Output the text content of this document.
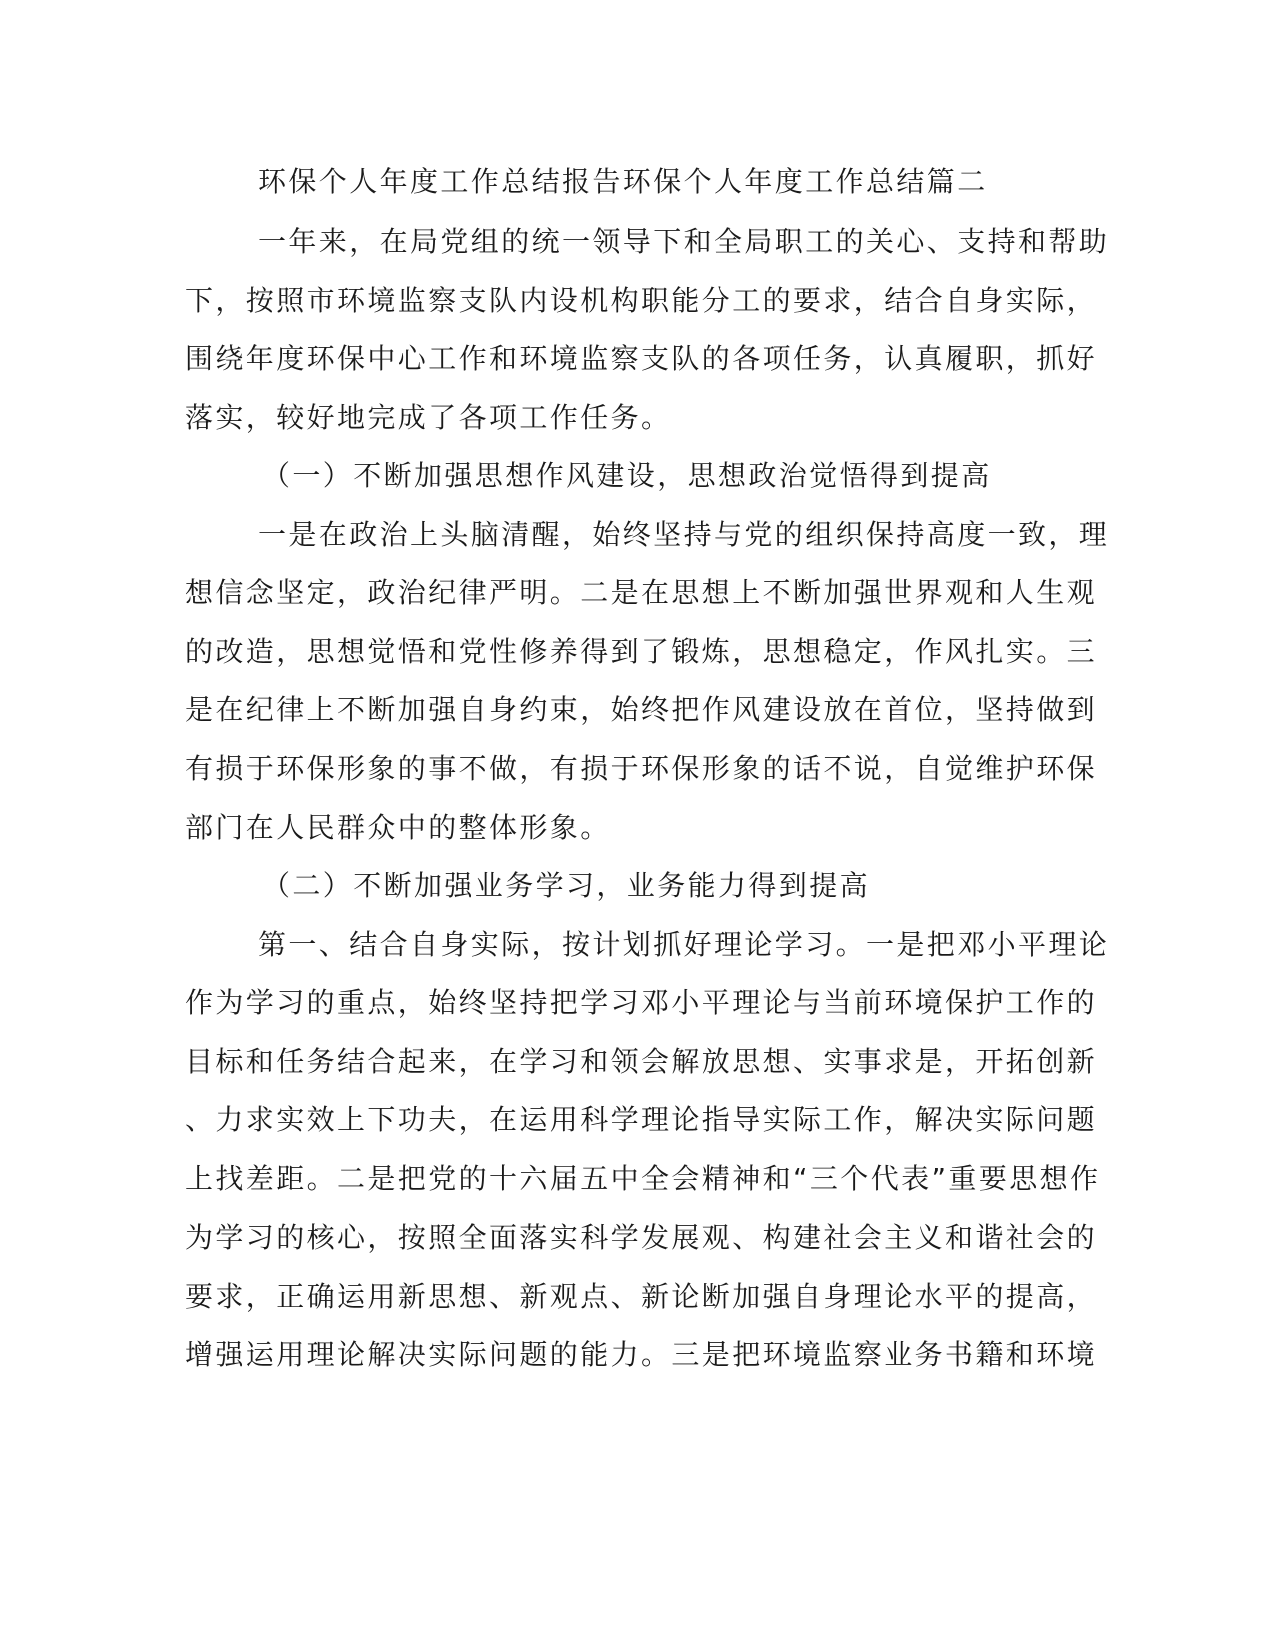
环保个人年度工作总结报告环保个人年度工作总结篇二
一年来，在局党组的统一领导下和全局职工的关心、支持和帮助
下，按照市环境监察支队内设机构职能分工的要求，结合自身实际，
围绕年度环保中心工作和环境监察支队的各项任务，认真履职，抓好
落实，较好地完成了各项工作任务。
（一）不断加强思想作风建设，思想政治觉悟得到提高
一是在政治上头脑清醒，始终坚持与党的组织保持高度一致，理
想信念坚定，政治纪律严明。二是在思想上不断加强世界观和人生观
的改造，思想觉悟和党性修养得到了锻炼，思想稳定，作风扎实。三
是在纪律上不断加强自身约束，始终把作风建设放在首位，坚持做到
有损于环保形象的事不做，有损于环保形象的话不说，自觉维护环保
部门在人民群众中的整体形象。
（二）不断加强业务学习，业务能力得到提高
第一、结合自身实际，按计划抓好理论学习。一是把邓小平理论
作为学习的重点，始终坚持把学习邓小平理论与当前环境保护工作的
目标和任务结合起来，在学习和领会解放思想、实事求是，开拓创新
、力求实效上下功夫，在运用科学理论指导实际工作，解决实际问题
上找差距。二是把党的十六届五中全会精神和“三个代表”重要思想作
为学习的核心，按照全面落实科学发展观、构建社会主义和谐社会的
要求，正确运用新思想、新观点、新论断加强自身理论水平的提高，
增强运用理论解决实际问题的能力。三是把环境监察业务书籍和环境
